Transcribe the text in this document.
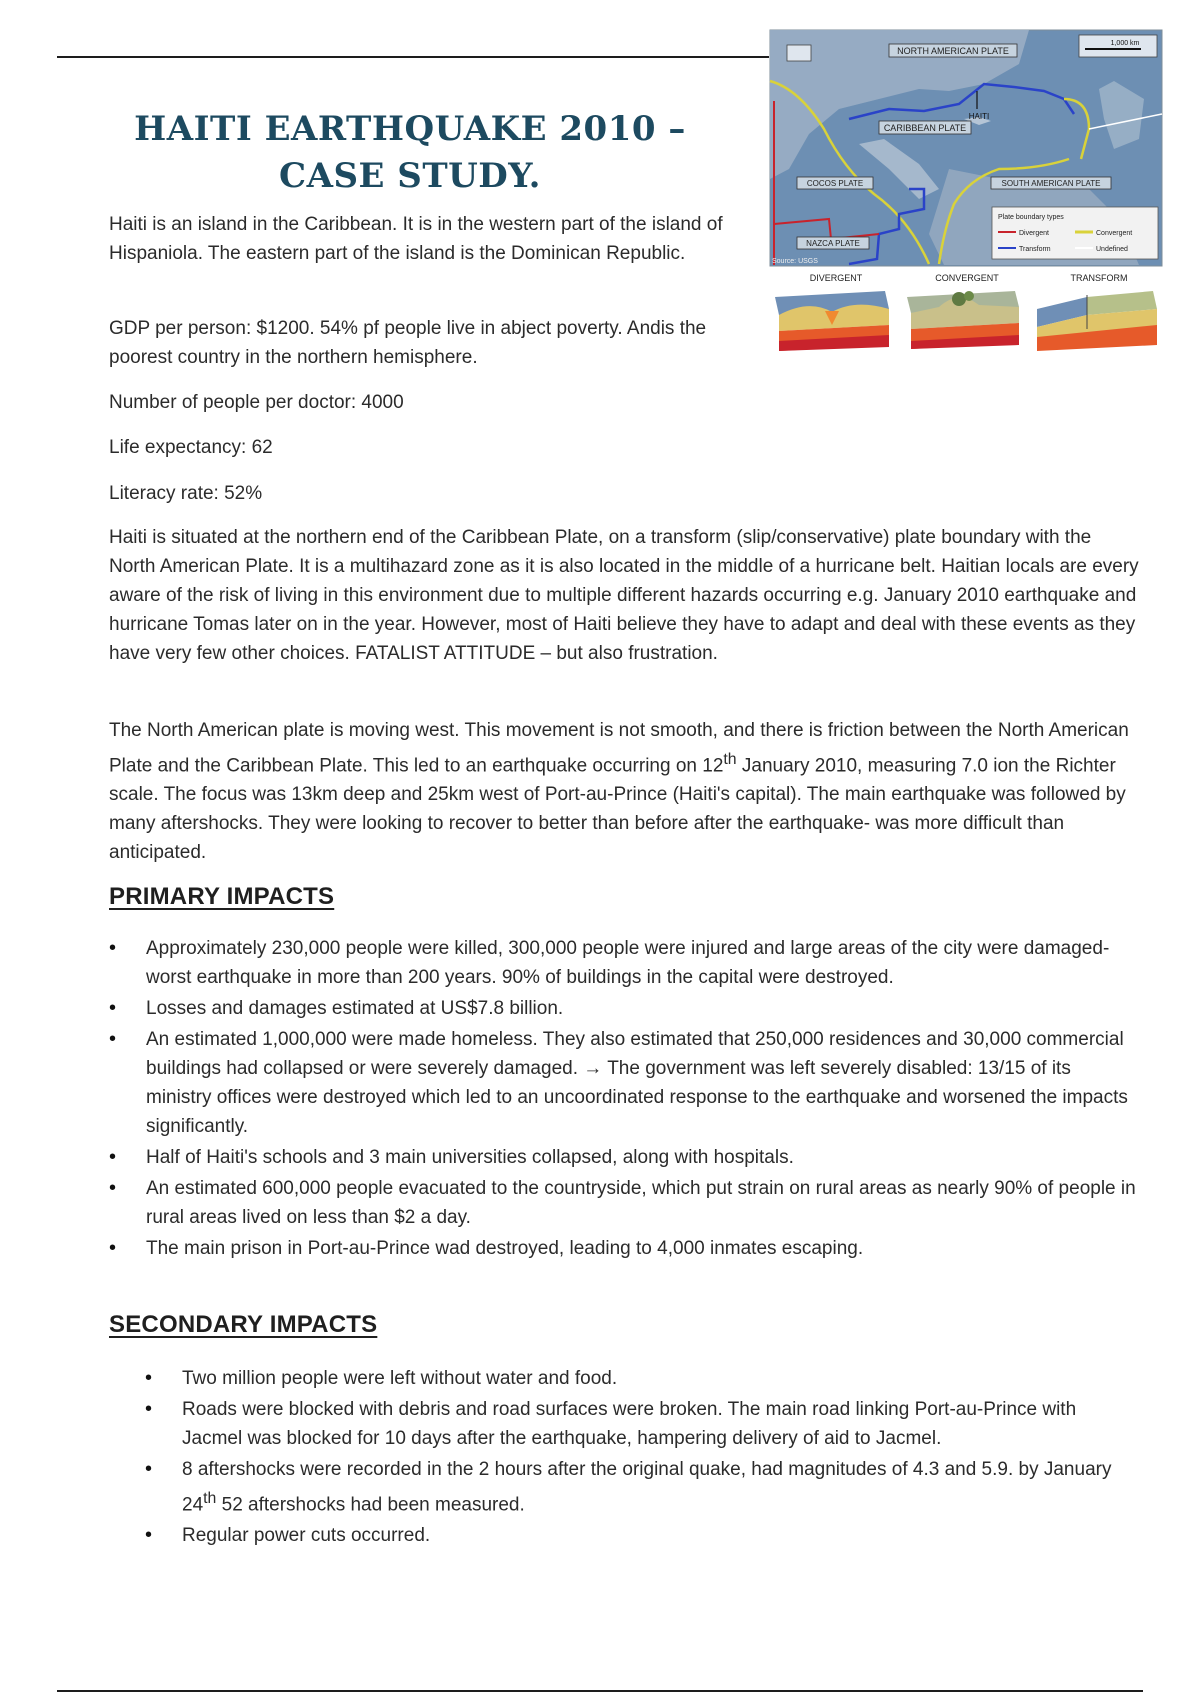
HAITI EARTHQUAKE 2010 – CASE STUDY.

Haiti is an island in the Caribbean. It is in the western part of the island of Hispaniola. The eastern part of the island is the Dominican Republic.

GDP per person: $1200. 54% pf people live in abject poverty. Andis the poorest country in the northern hemisphere.

Number of people per doctor: 4000

Life expectancy: 62

Literacy rate: 52%

Haiti is situated at the northern end of the Caribbean Plate, on a transform (slip/conservative) plate boundary with the North American Plate. It is a multihazard zone as it is also located in the middle of a hurricane belt. Haitian locals are every aware of the risk of living in this environment due to multiple different hazards occurring e.g. January 2010 earthquake and hurricane Tomas later on in the year. However, most of Haiti believe they have to adapt and deal with these events as they have very few other choices. FATALIST ATTITUDE – but also frustration.

The North American plate is moving west. This movement is not smooth, and there is friction between the North American Plate and the Caribbean Plate. This led to an earthquake occurring on 12th January 2010, measuring 7.0 ion the Richter scale. The focus was 13km deep and 25km west of Port-au-Prince (Haiti's capital). The main earthquake was followed by many aftershocks. They were looking to recover to better than before after the earthquake- was more difficult than anticipated.

PRIMARY IMPACTS
• Approximately 230,000 people were killed, 300,000 people were injured and large areas of the city were damaged- worst earthquake in more than 200 years. 90% of buildings in the capital were destroyed.
• Losses and damages estimated at US$7.8 billion.
• An estimated 1,000,000 were made homeless. They also estimated that 250,000 residences and 30,000 commercial buildings had collapsed or were severely damaged. → The government was left severely disabled: 13/15 of its ministry offices were destroyed which led to an uncoordinated response to the earthquake and worsened the impacts significantly.
• Half of Haiti's schools and 3 main universities collapsed, along with hospitals.
• An estimated 600,000 people evacuated to the countryside, which put strain on rural areas as nearly 90% of people in rural areas lived on less than $2 a day.
• The main prison in Port-au-Prince wad destroyed, leading to 4,000 inmates escaping.
SECONDARY IMPACTS
• Two million people were left without water and food.
• Roads were blocked with debris and road surfaces were broken. The main road linking Port-au-Prince with Jacmel was blocked for 10 days after the earthquake, hampering delivery of aid to Jacmel.
• 8 aftershocks were recorded in the 2 hours after the original quake, had magnitudes of 4.3 and 5.9. by January 24th 52 aftershocks had been measured.
• Regular power cuts occurred.
NORTH AMERICAN PLATE
HAITI
CARIBBEAN PLATE
COCOS PLATE	SOUTH AMERICAN PLATE
NAZCA PLATE
Source: USGS
1,000 km
Plate boundary types
Divergent	Convergent
Transform	Undefined
DIVERGENT	CONVERGENT	TRANSFORM
